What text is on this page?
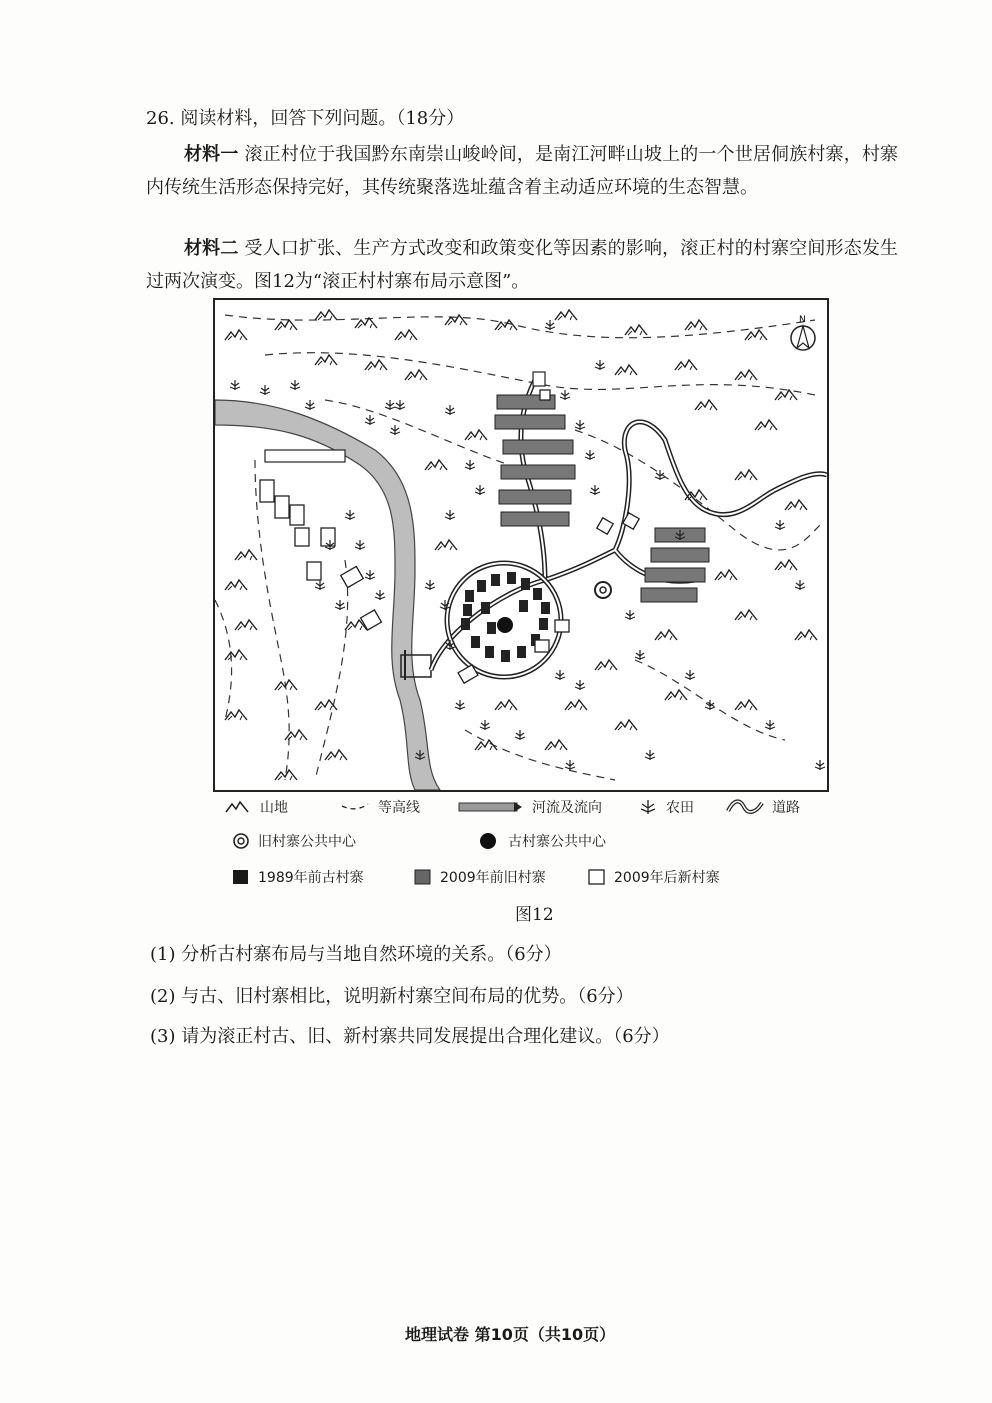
26. 阅读材料，回答下列问题。（18分）
材料一 滚正村位于我国黔东南崇山峻岭间，是南江河畔山坡上的一个世居侗族村寨，村寨内传统生活形态保持完好，其传统聚落选址蕴含着主动适应环境的生态智慧。
材料二 受人口扩张、生产方式改变和政策变化等因素的影响，滚正村的村寨空间形态发生过两次演变。图12为“滚正村村寨布局示意图”。
N
山地	等高线	河流及流向	农田	道路
旧村寨公共中心	古村寨公共中心
1989年前古村寨	2009年前旧村寨	2009年后新村寨
图12
(1) 分析古村寨布局与当地自然环境的关系。（6分）
(2) 与古、旧村寨相比，说明新村寨空间布局的优势。（6分）
(3) 请为滚正村古、旧、新村寨共同发展提出合理化建议。（6分）
地理试卷 第10页（共10页）
